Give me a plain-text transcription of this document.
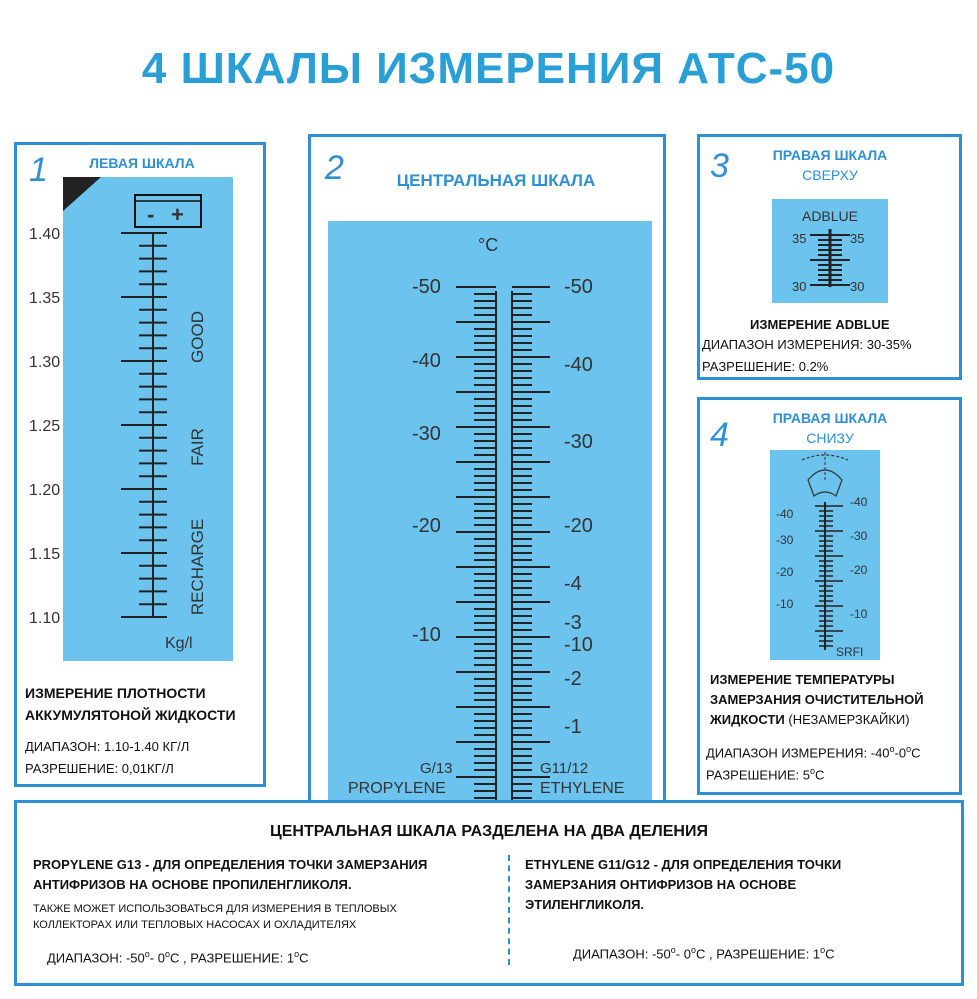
4 ШКАЛЫ ИЗМЕРЕНИЯ АТС-50
1	ЛЕВАЯ ШКАЛА
- +
1.40
1.35
1.30
1.25
1.20
1.15
1.10
GOOD
FAIR
RECHARGE
Kg/l
ИЗМЕРЕНИЕ ПЛОТНОСТИ
АККУМУЛЯТОНОЙ ЖИДКОСТИ
ДИАПАЗОН: 1.10-1.40 КГ/Л
РАЗРЕШЕНИЕ: 0,01КГ/Л
2	ЦЕНТРАЛЬНАЯ ШКАЛА
°C
-50
-40
-30
-20
-10
-50
-40
-30
-20
-4
-3
-10
-2
-1
G/13
PROPYLENE
G11/12
ETHYLENE
3	ПРАВАЯ ШКАЛА
СВЕРХУ
ADBLUE
35	35
30	30
ИЗМЕРЕНИЕ ADBLUE
ДИАПАЗОН ИЗМЕРЕНИЯ: 30-35%
РАЗРЕШЕНИЕ: 0.2%
4	ПРАВАЯ ШКАЛА
СНИЗУ
-40
-30
-20
-10
-40
-30
-20
-10
SRFI
ИЗМЕРЕНИЕ ТЕМПЕРАТУРЫ
ЗАМЕРЗАНИЯ ОЧИСТИТЕЛЬНОЙ
ЖИДКОСТИ (НЕЗАМЕРЗКАЙКИ)
ДИАПАЗОН ИЗМЕРЕНИЯ: $-40^о-0^оС$
РАЗРЕШЕНИЕ: $5^оС$
ЦЕНТРАЛЬНАЯ ШКАЛА РАЗДЕЛЕНА НА ДВА ДЕЛЕНИЯ
PROPYLENE G13 - ДЛЯ ОПРЕДЕЛЕНИЯ ТОЧКИ ЗАМЕРЗАНИЯ
АНТИФРИЗОВ НА ОСНОВЕ ПРОПИЛЕНГЛИКОЛЯ.
ТАКЖЕ МОЖЕТ ИСПОЛЬЗОВАТЬСЯ ДЛЯ ИЗМЕРЕНИЯ В ТЕПЛОВЫХ
КОЛЛЕКТОРАХ ИЛИ ТЕПЛОВЫХ НАСОСАХ И ОХЛАДИТЕЛЯХ
ДИАПАЗОН: $-50^о-$ $0^оС$ , РАЗРЕШЕНИЕ: $1^оС$
ETHYLENE G11/G12 - ДЛЯ ОПРЕДЕЛЕНИЯ ТОЧКИ
ЗАМЕРЗАНИЯ ОНТИФРИЗОВ НА ОСНОВЕ
ЭТИЛЕНГЛИКОЛЯ.
ДИАПАЗОН: $-50^о-$ $0^оС$ , РАЗРЕШЕНИЕ: $1^оС$
